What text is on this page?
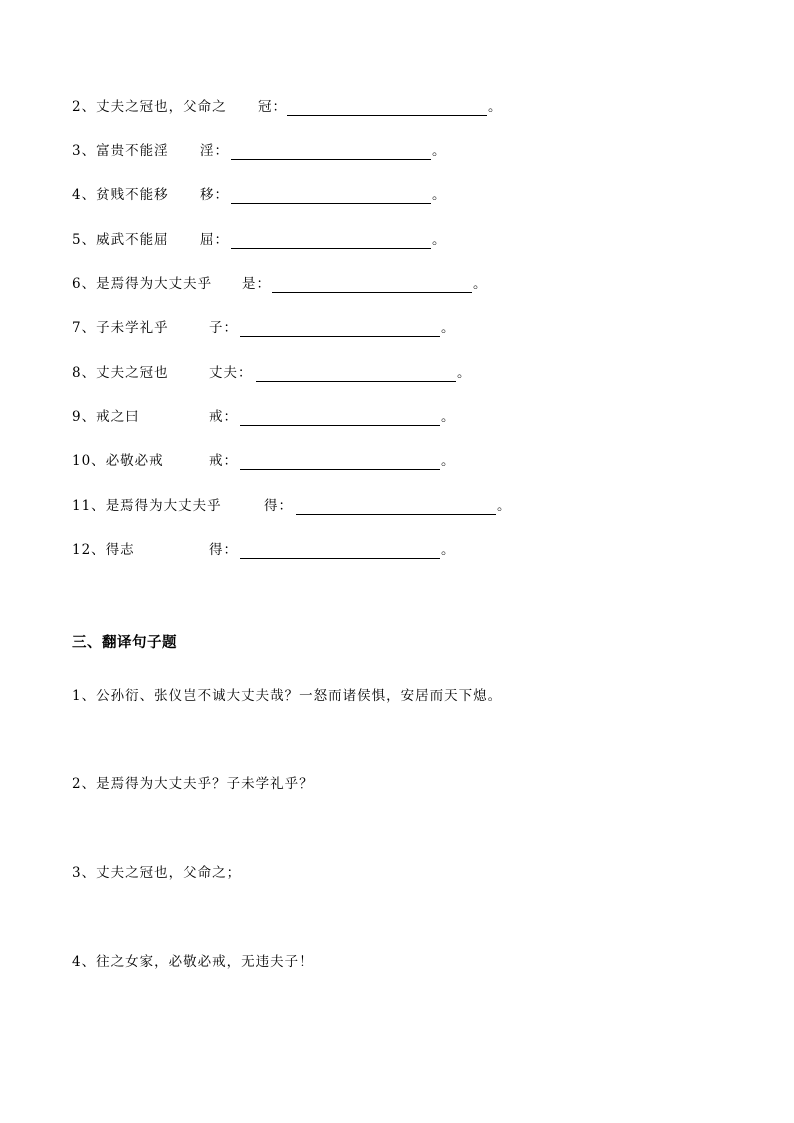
2、丈夫之冠也，父命之 冠：	。
3、富贵不能淫 淫：	。
4、贫贱不能移 移：	。
5、威武不能屈 屈：	。
6、是焉得为大丈夫乎 是：	。
7、子未学礼乎	子：	。
8、丈夫之冠也	丈夫：	。
9、戒之曰	戒：	。
10、必敬必戒	戒：	。
11、是焉得为大丈夫乎	得：	。
12、得志	得：	。
三、翻译句子题
1、公孙衍、张仪岂不诚大丈夫哉？一怒而诸侯惧，安居而天下熄。
2、是焉得为大丈夫乎？子未学礼乎？
3、丈夫之冠也，父命之；
4、往之女家，必敬必戒，无违夫子！
